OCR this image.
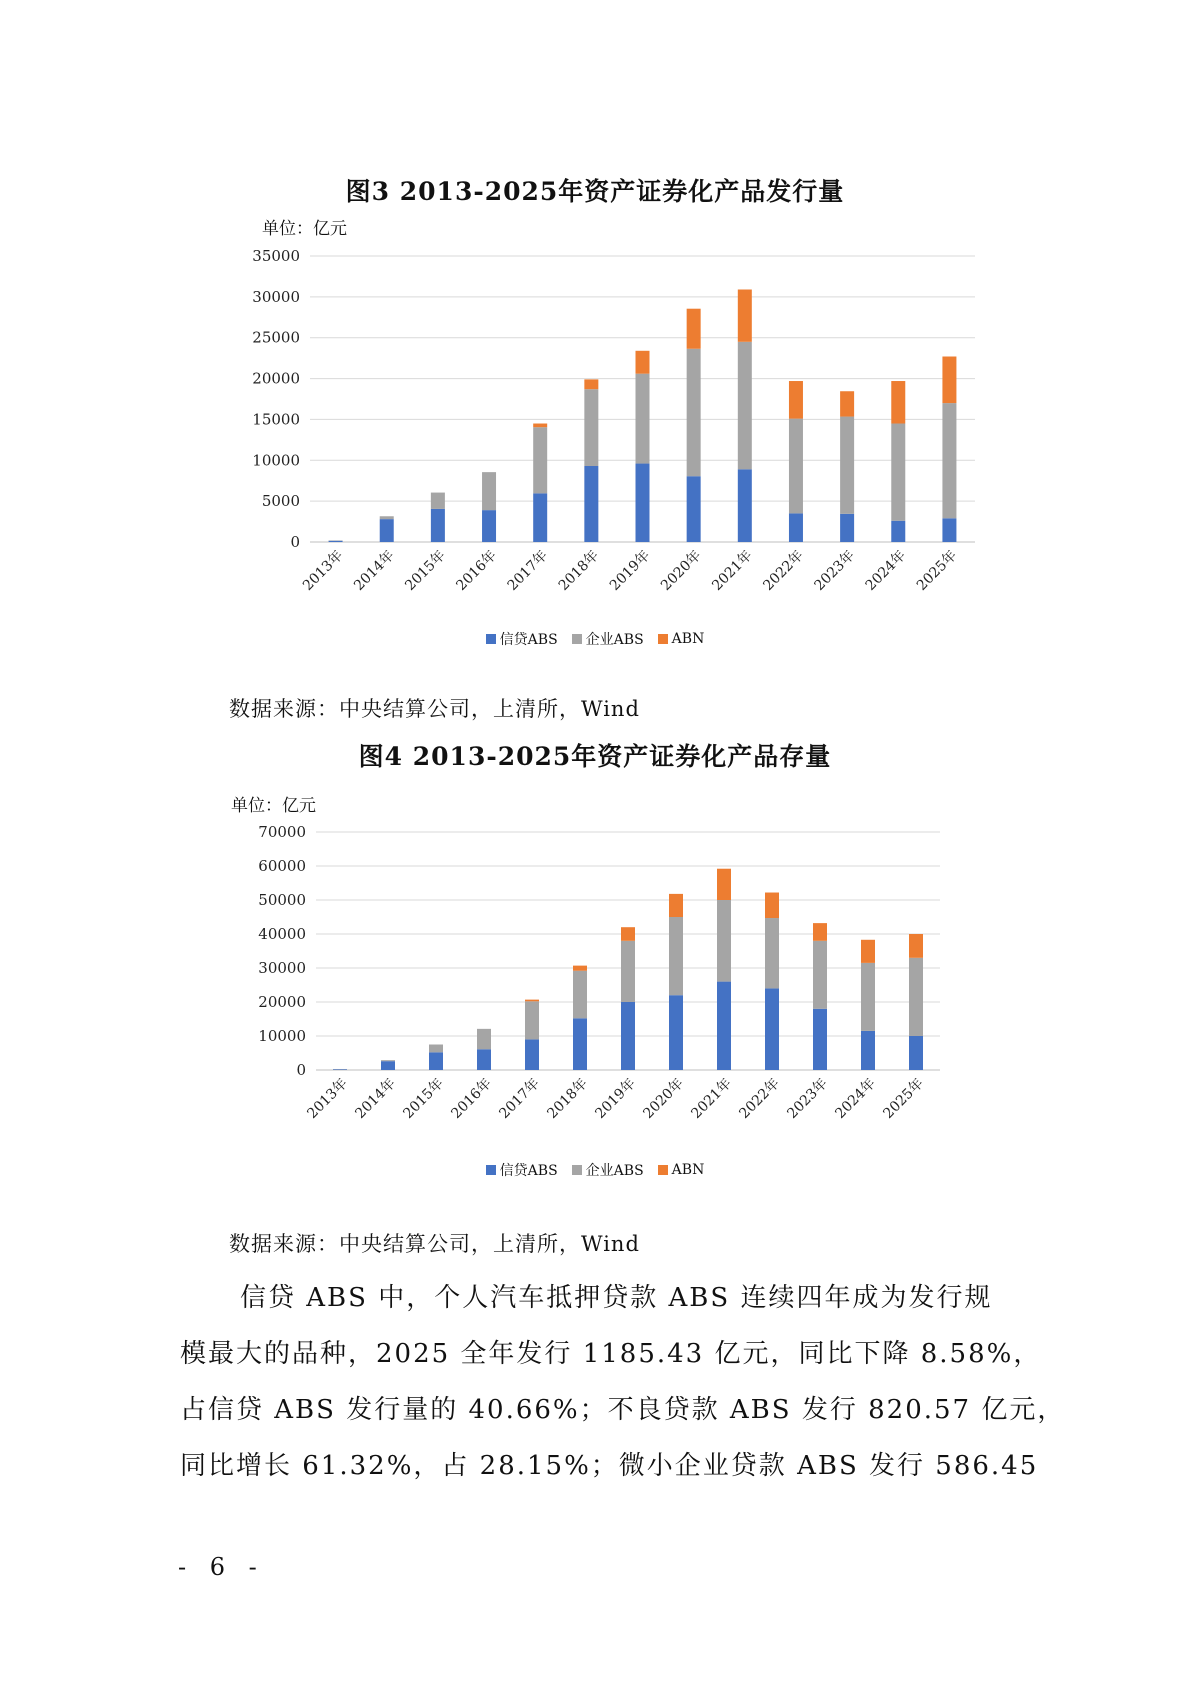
图3 2013-2025年资产证券化产品发行量
单位：亿元
0
5000
10000
15000
20000
25000
30000
35000
2013年 2014年 2015年 2016年 2017年 2018年 2019年 2020年 2021年 2022年 2023年 2024年 2025年
信贷ABS 企业ABS ABN
数据来源：中央结算公司，上清所，Wind
图4 2013-2025年资产证券化产品存量
单位：亿元
0
10000
20000
30000
40000
50000
60000
70000
2013年 2014年 2015年 2016年 2017年 2018年 2019年 2020年 2021年 2022年 2023年 2024年 2025年
信贷ABS 企业ABS ABN
数据来源：中央结算公司，上清所，Wind
信贷 ABS 中，个人汽车抵押贷款 ABS 连续四年成为发行规
模最大的品种，2025 全年发行 1185.43 亿元，同比下降 8.58%，
占信贷 ABS 发行量的 40.66%；不良贷款 ABS 发行 820.57 亿元，
同比增长 61.32%，占 28.15%；微小企业贷款 ABS 发行 586.45
- 6 -
